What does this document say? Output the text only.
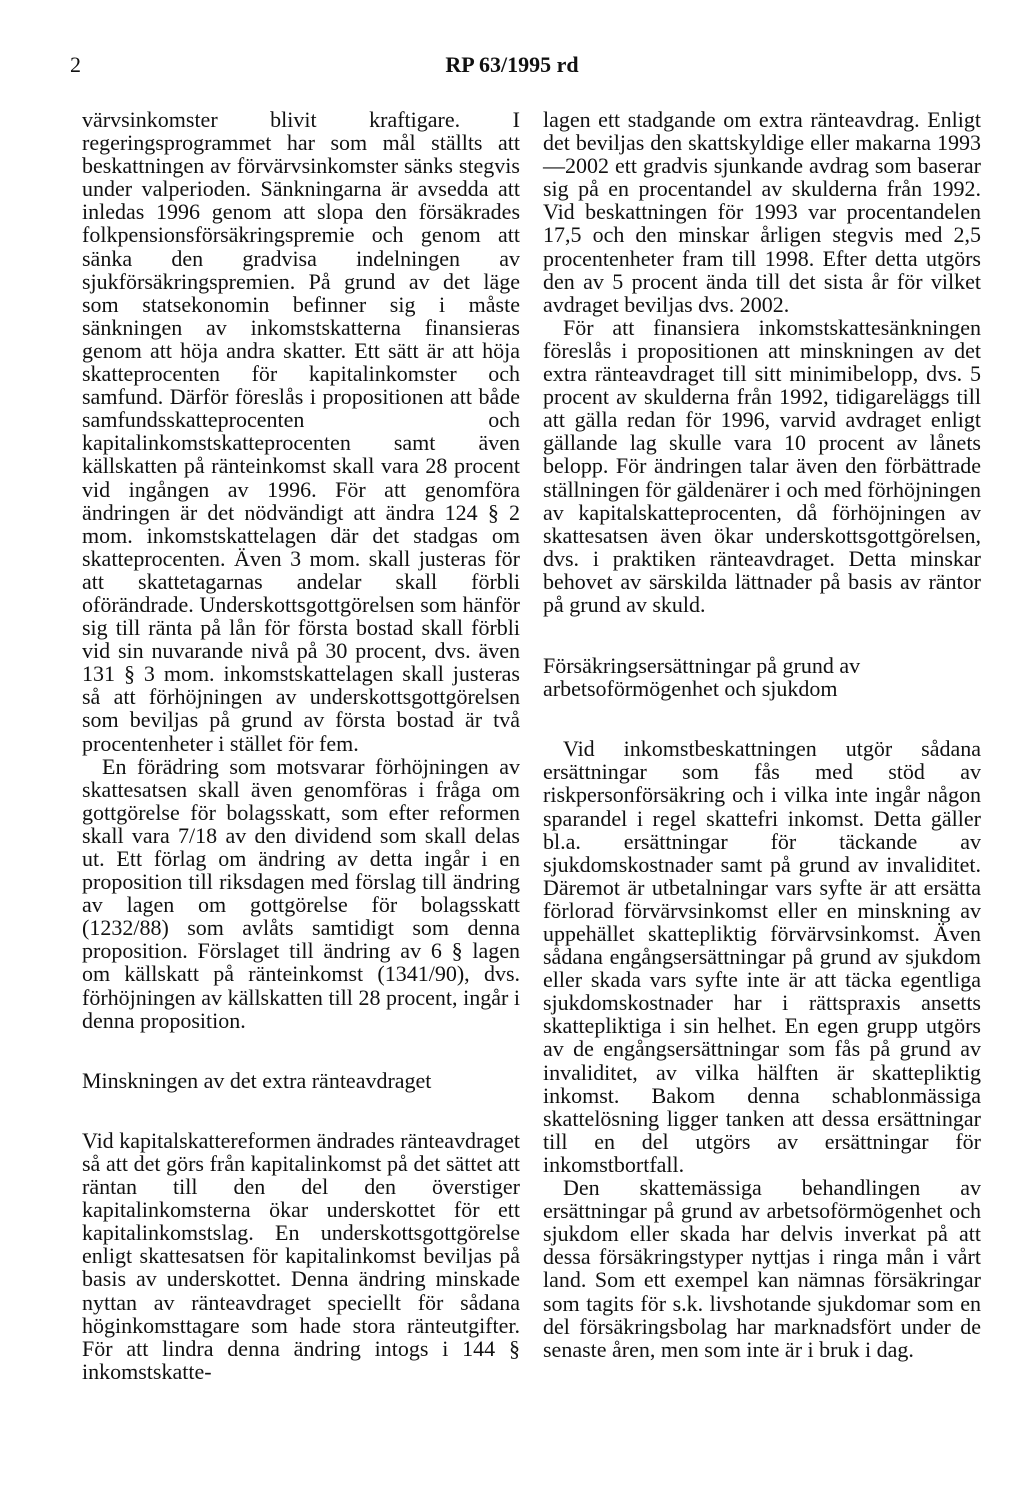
2	RP 63/1995 rd

värvsinkomster blivit kraftigare. I regeringsprogrammet har som mål ställts att beskattningen av förvärvsinkomster sänks stegvis under valperioden. Sänkningarna är avsedda att inledas 1996 genom att slopa den försäkrades folkpensionsförsäkringspremie och genom att sänka den gradvisa indelningen av sjukförsäkringspremien. På grund av det läge som statsekonomin befinner sig i måste sänkningen av inkomstskatterna finansieras genom att höja andra skatter. Ett sätt är att höja skatteprocenten för kapitalinkomster och samfund. Därför föreslås i propositionen att både samfundsskatteprocenten och kapitalinkomstskatteprocenten samt även källskatten på ränteinkomst skall vara 28 procent vid ingången av 1996. För att genomföra ändringen är det nödvändigt att ändra 124 § 2 mom. inkomstskattelagen där det stadgas om skatteprocenten. Även 3 mom. skall justeras för att skattetagarnas andelar skall förbli oförändrade. Underskottsgottgörelsen som hänför sig till ränta på lån för första bostad skall förbli vid sin nuvarande nivå på 30 procent, dvs. även 131 § 3 mom. inkomstskattelagen skall justeras så att förhöjningen av underskottsgottgörelsen som beviljas på grund av första bostad är två procentenheter i stället för fem.

En förädring som motsvarar förhöjningen av skattesatsen skall även genomföras i fråga om gottgörelse för bolagsskatt, som efter reformen skall vara 7/18 av den dividend som skall delas ut. Ett förlag om ändring av detta ingår i en proposition till riksdagen med förslag till ändring av lagen om gottgörelse för bolagsskatt (1232/88) som avlåts samtidigt som denna proposition. Förslaget till ändring av 6 § lagen om källskatt på ränteinkomst (1341/90), dvs. förhöjningen av källskatten till 28 procent, ingår i denna proposition.

Minskningen av det extra ränteavdraget

Vid kapitalskattereformen ändrades ränteavdraget så att det görs från kapitalinkomst på det sättet att räntan till den del den överstiger kapitalinkomsterna ökar underskottet för ett kapitalinkomstslag. En underskottsgottgörelse enligt skattesatsen för kapitalinkomst beviljas på basis av underskottet. Denna ändring minskade nyttan av ränteavdraget speciellt för sådana höginkomsttagare som hade stora ränteutgifter. För att lindra denna ändring intogs i 144 § inkomstskatte-

lagen ett stadgande om extra ränteavdrag. Enligt det beviljas den skattskyldige eller makarna 1993—2002 ett gradvis sjunkande avdrag som baserar sig på en procentandel av skulderna från 1992. Vid beskattningen för 1993 var procentandelen 17,5 och den minskar årligen stegvis med 2,5 procentenheter fram till 1998. Efter detta utgörs den av 5 procent ända till det sista år för vilket avdraget beviljas dvs. 2002.

För att finansiera inkomstskattesänkningen föreslås i propositionen att minskningen av det extra ränteavdraget till sitt minimibelopp, dvs. 5 procent av skulderna från 1992, tidigareläggs till att gälla redan för 1996, varvid avdraget enligt gällande lag skulle vara 10 procent av lånets belopp. För ändringen talar även den förbättrade ställningen för gäldenärer i och med förhöjningen av kapitalskatteprocenten, då förhöjningen av skattesatsen även ökar underskottsgottgörelsen, dvs. i praktiken ränteavdraget. Detta minskar behovet av särskilda lättnader på basis av räntor på grund av skuld.

Försäkringsersättningar på grund av arbetsoförmögenhet och sjukdom

Vid inkomstbeskattningen utgör sådana ersättningar som fås med stöd av riskpersonförsäkring och i vilka inte ingår någon sparandel i regel skattefri inkomst. Detta gäller bl.a. ersättningar för täckande av sjukdomskostnader samt på grund av invaliditet. Däremot är utbetalningar vars syfte är att ersätta förlorad förvärvsinkomst eller en minskning av uppehället skattepliktig förvärvsinkomst. Även sådana engångsersättningar på grund av sjukdom eller skada vars syfte inte är att täcka egentliga sjukdomskostnader har i rättspraxis ansetts skattepliktiga i sin helhet. En egen grupp utgörs av de engångsersättningar som fås på grund av invaliditet, av vilka hälften är skattepliktig inkomst. Bakom denna schablonmässiga skattelösning ligger tanken att dessa ersättningar till en del utgörs av ersättningar för inkomstbortfall.

Den skattemässiga behandlingen av ersättningar på grund av arbetsoförmögenhet och sjukdom eller skada har delvis inverkat på att dessa försäkringstyper nyttjas i ringa mån i vårt land. Som ett exempel kan nämnas försäkringar som tagits för s.k. livshotande sjukdomar som en del försäkringsbolag har marknadsfört under de senaste åren, men som inte är i bruk i dag.
